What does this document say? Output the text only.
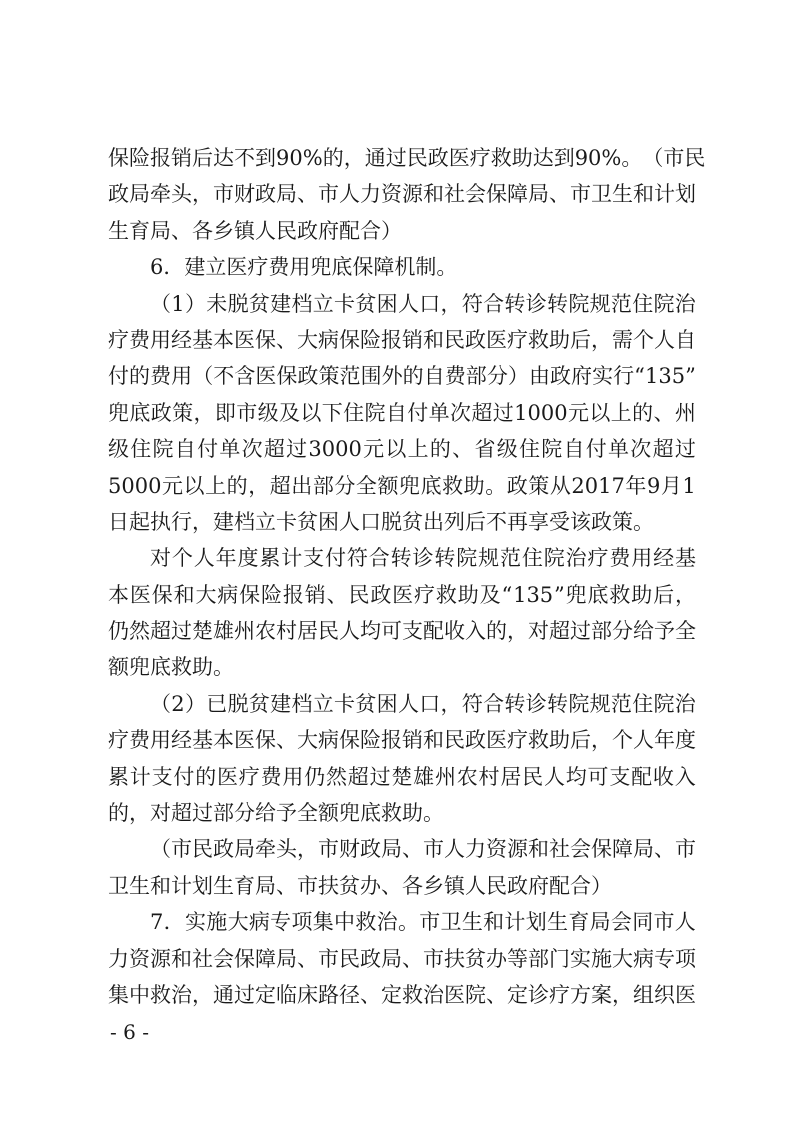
保 险 报 销 后 达 不 到 90% 的 ， 通 过 民 政 医 疗 救 助 达 到 90% 。 （ 市 民
政 局 牵 头 ， 市 财 政 局 、 市 人 力 资 源 和 社 会 保 障 局 、 市 卫 生 和 计 划
生育局、各乡镇人民政府配合）
6．建立医疗费用兜底保障机制。
（ 1 ） 未 脱 贫 建 档 立 卡 贫 困 人 口 ， 符 合 转 诊 转 院 规 范 住 院 治
疗 费 用 经 基 本 医 保 、 大 病 保 险 报 销 和 民 政 医 疗 救 助 后 ， 需 个 人 自
付 的 费 用 （ 不 含 医 保 政 策 范 围 外 的 自 费 部 分 ） 由 政 府 实 行 “ 135 ”
兜 底 政 策 ， 即 市 级 及 以 下 住 院 自 付 单 次 超 过 1000 元 以 上 的 、 州
级 住 院 自 付 单 次 超 过 3000 元 以 上 的 、 省 级 住 院 自 付 单 次 超 过
5000 元 以 上 的 ， 超 出 部 分 全 额 兜 底 救 助 。 政 策 从 2017 年 9 月 1
日起执行，建档立卡贫困人口脱贫出列后不再享受该政策。
对 个 人 年 度 累 计 支 付 符 合 转 诊 转 院 规 范 住 院 治 疗 费 用 经 基
本 医 保 和 大 病 保 险 报 销 、 民 政 医 疗 救 助 及 “ 135 ” 兜 底 救 助 后 ，
仍 然 超 过 楚 雄 州 农 村 居 民 人 均 可 支 配 收 入 的 ， 对 超 过 部 分 给 予 全
额兜底救助。
（ 2 ） 已 脱 贫 建 档 立 卡 贫 困 人 口 ， 符 合 转 诊 转 院 规 范 住 院 治
疗 费 用 经 基 本 医 保 、 大 病 保 险 报 销 和 民 政 医 疗 救 助 后 ， 个 人 年 度
累 计 支 付 的 医 疗 费 用 仍 然 超 过 楚 雄 州 农 村 居 民 人 均 可 支 配 收 入
的，对超过部分给予全额兜底救助。
（ 市 民 政 局 牵 头 ， 市 财 政 局 、 市 人 力 资 源 和 社 会 保 障 局 、 市
卫生和计划生育局、市扶贫办、各乡镇人民政府配合）
7 ． 实 施 大 病 专 项 集 中 救 治 。 市 卫 生 和 计 划 生 育 局 会 同 市 人
力 资 源 和 社 会 保 障 局 、 市 民 政 局 、 市 扶 贫 办 等 部 门 实 施 大 病 专 项
集中救治，通过定临床路径、定救治医院、定诊疗方案，组织医
- 6 -
